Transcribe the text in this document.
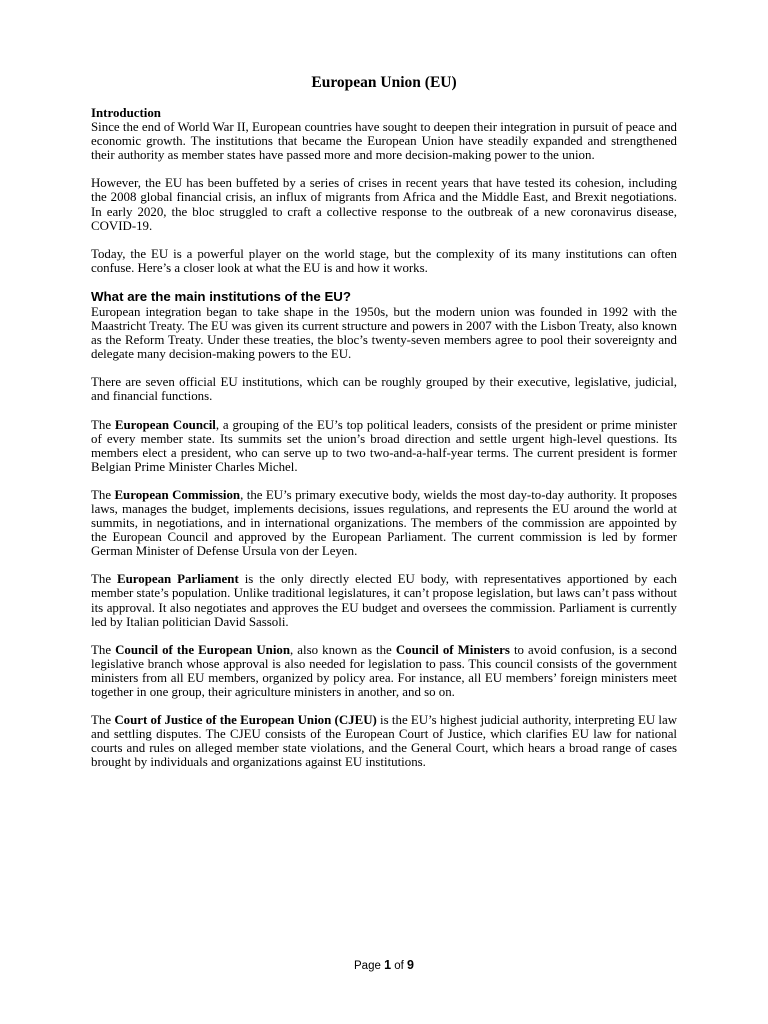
European Union (EU)

Introduction
Since the end of World War II, European countries have sought to deepen their integration in pursuit of peace and economic growth. The institutions that became the European Union have steadily expanded and strengthened their authority as member states have passed more and more decision-making power to the union.

However, the EU has been buffeted by a series of crises in recent years that have tested its cohesion, including the 2008 global financial crisis, an influx of migrants from Africa and the Middle East, and Brexit negotiations. In early 2020, the bloc struggled to craft a collective response to the outbreak of a new coronavirus disease, COVID-19.

Today, the EU is a powerful player on the world stage, but the complexity of its many institutions can often confuse. Here’s a closer look at what the EU is and how it works.

What are the main institutions of the EU?

European integration began to take shape in the 1950s, but the modern union was founded in 1992 with the Maastricht Treaty. The EU was given its current structure and powers in 2007 with the Lisbon Treaty, also known as the Reform Treaty. Under these treaties, the bloc’s twenty-seven members agree to pool their sovereignty and delegate many decision-making powers to the EU.

There are seven official EU institutions, which can be roughly grouped by their executive, legislative, judicial, and financial functions.

The European Council, a grouping of the EU’s top political leaders, consists of the president or prime minister of every member state. Its summits set the union’s broad direction and settle urgent high-level questions. Its members elect a president, who can serve up to two two-and-a-half-year terms. The current president is former Belgian Prime Minister Charles Michel.

The European Commission, the EU’s primary executive body, wields the most day-to-day authority. It proposes laws, manages the budget, implements decisions, issues regulations, and represents the EU around the world at summits, in negotiations, and in international organizations. The members of the commission are appointed by the European Council and approved by the European Parliament. The current commission is led by former German Minister of Defense Ursula von der Leyen.

The European Parliament is the only directly elected EU body, with representatives apportioned by each member state’s population. Unlike traditional legislatures, it can’t propose legislation, but laws can’t pass without its approval. It also negotiates and approves the EU budget and oversees the commission. Parliament is currently led by Italian politician David Sassoli.

The Council of the European Union, also known as the Council of Ministers to avoid confusion, is a second legislative branch whose approval is also needed for legislation to pass. This council consists of the government ministers from all EU members, organized by policy area. For instance, all EU members’ foreign ministers meet together in one group, their agriculture ministers in another, and so on.

The Court of Justice of the European Union (CJEU) is the EU’s highest judicial authority, interpreting EU law and settling disputes. The CJEU consists of the European Court of Justice, which clarifies EU law for national courts and rules on alleged member state violations, and the General Court, which hears a broad range of cases brought by individuals and organizations against EU institutions.

Page 1 of 9
